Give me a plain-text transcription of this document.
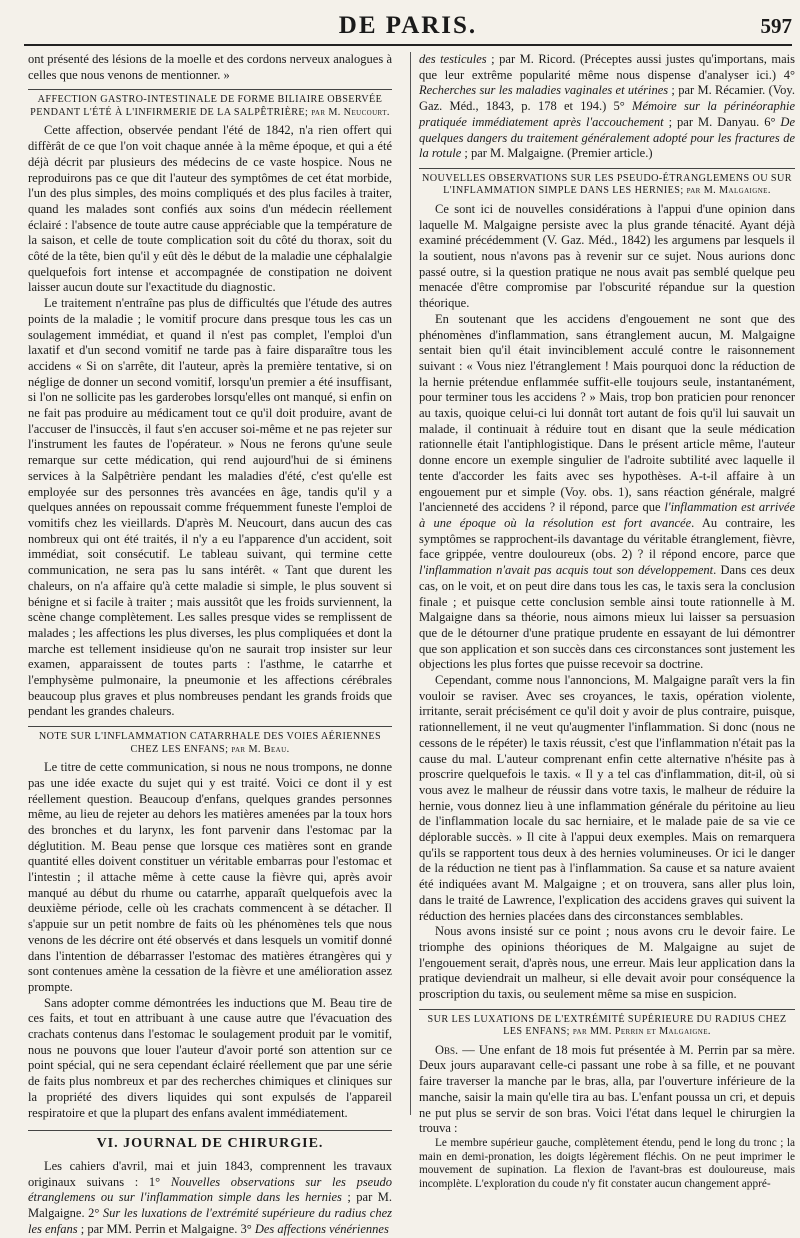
DE PARIS.	597

ont présenté des lésions de la moelle et des cordons nerveux analogues à celles que nous venons de mentionner. »

AFFECTION GASTRO-INTESTINALE DE FORME BILIAIRE OBSERVÉE PENDANT L'ÉTÉ À L'INFIRMERIE DE LA SALPÊTRIÈRE; par M. Neucourt.

Cette affection, observée pendant l'été de 1842, n'a rien offert qui diffèrât de ce que l'on voit chaque année à la même époque, et qui a été déjà décrit par plusieurs des médecins de ce vaste hospice. Nous ne reproduirons pas ce que dit l'auteur des symptômes de cet état morbide, l'un des plus simples, des moins compliqués et des plus faciles à traiter, quand les malades sont confiés aux soins d'un médecin réellement éclairé : l'absence de toute autre cause appréciable que la température de la saison, et celle de toute complication soit du côté du thorax, soit du côté de la tête, bien qu'il y eût dès le début de la maladie une céphalalgie quelquefois fort intense et accompagnée de constipation ne doivent laisser aucun doute sur l'exactitude du diagnostic.

Le traitement n'entraîne pas plus de difficultés que l'étude des autres points de la maladie ; le vomitif procure dans presque tous les cas un soulagement immédiat, et quand il n'est pas complet, l'emploi d'un laxatif et d'un second vomitif ne tarde pas à faire disparaître tous les accidens « Si on s'arrête, dit l'auteur, après la première tentative, si on néglige de donner un second vomitif, lorsqu'un premier a été insuffisant, si l'on ne sollicite pas les garderobes lorsqu'elles ont manqué, si enfin on ne fait pas produire au médicament tout ce qu'il doit produire, avant de l'accuser de l'insuccès, il faut s'en accuser soi-même et ne pas rejeter sur l'instrument les fautes de l'opérateur. » Nous ne ferons qu'une seule remarque sur cette médication, qui rend aujourd'hui de si éminens services à la Salpêtrière pendant les maladies d'été, c'est qu'elle est employée sur des personnes très avancées en âge, tandis qu'il y a quelques années on repoussait comme fréquemment funeste l'emploi de vomitifs chez les vieillards. D'après M. Neucourt, dans aucun des cas nombreux qui ont été traités, il n'y a eu l'apparence d'un accident, soit immédiat, soit consécutif. Le tableau suivant, qui termine cette communication, ne sera pas lu sans intérêt. « Tant que durent les chaleurs, on n'a affaire qu'à cette maladie si simple, le plus souvent si bénigne et si facile à traiter ; mais aussitôt que les froids surviennent, la scène change complètement. Les salles presque vides se remplissent de malades ; les affections les plus diverses, les plus compliquées et dont la marche est tellement insidieuse qu'on ne saurait trop insister sur leur examen, apparaissent de toutes parts : l'asthme, le catarrhe et l'emphysème pulmonaire, la pneumonie et les affections cérébrales beaucoup plus graves et plus nombreuses pendant les grands froids que pendant les grandes chaleurs.

NOTE SUR L'INFLAMMATION CATARRHALE DES VOIES AÉRIENNES CHEZ LES ENFANS; par M. Beau.

Le titre de cette communication, si nous ne nous trompons, ne donne pas une idée exacte du sujet qui y est traité. Voici ce dont il y est réellement question. Beaucoup d'enfans, quelques grandes personnes même, au lieu de rejeter au dehors les matières amenées par la toux hors des bronches et du larynx, les font parvenir dans l'estomac par la déglutition. M. Beau pense que lorsque ces matières sont en grande quantité elles doivent constituer un véritable embarras pour l'estomac et l'intestin ; il attache même à cette cause la fièvre qui, après avoir manqué au début du rhume ou catarrhe, apparaît quelquefois avec la deuxième période, celle où les crachats commencent à se détacher. Il s'appuie sur un petit nombre de faits où les phénomènes tels que nous venons de les décrire ont été observés et dans lesquels un vomitif donné dans l'intention de débarrasser l'estomac des matières étrangères qui y sont contenues amène la cessation de la fièvre et une amélioration assez prompte.

Sans adopter comme démontrées les inductions que M. Beau tire de ces faits, et tout en attribuant à une cause autre que l'évacuation des crachats contenus dans l'estomac le soulagement produit par le vomitif, nous ne pouvons que louer l'auteur d'avoir porté son attention sur ce point spécial, qui ne sera cependant éclairé réellement que par une série de faits plus nombreux et par des recherches chimiques et cliniques sur la propriété des divers liquides qui sont expulsés de l'appareil respiratoire et que la plupart des enfans avalent immédiatement.

VI. JOURNAL DE CHIRURGIE.

Les cahiers d'avril, mai et juin 1843, comprennent les travaux originaux suivans : 1° Nouvelles observations sur les pseudo étranglemens ou sur l'inflammation simple dans les hernies ; par M. Malgaigne. 2° Sur les luxations de l'extrémité supérieure du radius chez les enfans ; par MM. Perrin et Malgaigne. 3° Des affections vénériennes

des testicules ; par M. Ricord. (Préceptes aussi justes qu'importans, mais que leur extrême popularité même nous dispense d'analyser ici.) 4° Recherches sur les maladies vaginales et utérines ; par M. Récamier. (Voy. Gaz. Méd., 1843, p. 178 et 194.) 5° Mémoire sur la périnéoraphie pratiquée immédiatement après l'accouchement ; par M. Danyau. 6° De quelques dangers du traitement généralement adopté pour les fractures de la rotule ; par M. Malgaigne. (Premier article.)

NOUVELLES OBSERVATIONS SUR LES PSEUDO-ÉTRANGLEMENS OU SUR L'INFLAMMATION SIMPLE DANS LES HERNIES; par M. Malgaigne.

Ce sont ici de nouvelles considérations à l'appui d'une opinion dans laquelle M. Malgaigne persiste avec la plus grande ténacité. Ayant déjà examiné précédemment (V. Gaz. Méd., 1842) les argumens par lesquels il la soutient, nous n'avons pas à revenir sur ce sujet. Nous aurions donc passé outre, si la question pratique ne nous avait pas semblé quelque peu menacée d'être compromise par l'obscurité répandue sur la question théorique.

En soutenant que les accidens d'engouement ne sont que des phénomènes d'inflammation, sans étranglement aucun, M. Malgaigne sentait bien qu'il était invinciblement acculé contre le raisonnement suivant : « Vous niez l'étranglement ! Mais pourquoi donc la réduction de la hernie prétendue enflammée suffit-elle toujours seule, instantanément, pour terminer tous les accidens ? » Mais, trop bon praticien pour renoncer au taxis, quoique celui-ci lui donnât tort autant de fois qu'il lui sauvait un malade, il continuait à réduire tout en disant que la seule médication rationnelle était l'antiphlogistique. Dans le présent article même, l'auteur donne encore un exemple singulier de l'adroite subtilité avec laquelle il tente d'accorder les faits avec ses hypothèses. A-t-il affaire à un engouement pur et simple (Voy. obs. 1), sans réaction générale, malgré l'ancienneté des accidens ? il répond, parce que l'inflammation est arrivée à une époque où la résolution est fort avancée. Au contraire, les symptômes se rapprochent-ils davantage du véritable étranglement, fièvre, face grippée, ventre douloureux (obs. 2) ? il répond encore, parce que l'inflammation n'avait pas acquis tout son développement. Dans ces deux cas, on le voit, et on peut dire dans tous les cas, le taxis sera la conclusion finale ; et puisque cette conclusion semble ainsi toute rationnelle à M. Malgaigne dans sa théorie, nous aimons mieux lui laisser sa persuasion que de le détourner d'une pratique prudente en essayant de lui démontrer que son application et son succès dans ces circonstances sont justement les objections les plus fortes que puisse recevoir sa doctrine.

Cependant, comme nous l'annoncions, M. Malgaigne paraît vers la fin vouloir se raviser. Avec ses croyances, le taxis, opération violente, irritante, serait précisément ce qu'il doit y avoir de plus contraire, puisque, rationnellement, il ne veut qu'augmenter l'inflammation. Si donc (nous ne cessons de le répéter) le taxis réussit, c'est que l'inflammation n'était pas la cause du mal. L'auteur comprenant enfin cette alternative n'hésite pas à proscrire quelquefois le taxis. « Il y a tel cas d'inflammation, dit-il, où si vous avez le malheur de réussir dans votre taxis, le malheur de réduire la hernie, vous donnez lieu à une inflammation générale du péritoine au lieu de l'inflammation locale du sac herniaire, et le malade paie de sa vie ce déplorable succès. » Il cite à l'appui deux exemples. Mais on remarquera qu'ils se rapportent tous deux à des hernies volumineuses. Or ici le danger de la réduction ne tient pas à l'inflammation. Sa cause et sa nature avaient été indiquées avant M. Malgaigne ; et on trouvera, sans aller plus loin, dans le traité de Lawrence, l'explication des accidens graves qui suivent la réduction des hernies placées dans des circonstances semblables.

Nous avons insisté sur ce point ; nous avons cru le devoir faire. Le triomphe des opinions théoriques de M. Malgaigne au sujet de l'engouement serait, d'après nous, une erreur. Mais leur application dans la pratique deviendrait un malheur, si elle devait avoir pour conséquence la proscription du taxis, ou seulement même sa mise en suspicion.

SUR LES LUXATIONS DE L'EXTRÉMITÉ SUPÉRIEURE DU RADIUS CHEZ LES ENFANS; par MM. Perrin et Malgaigne.

Obs. — Une enfant de 18 mois fut présentée à M. Perrin par sa mère. Deux jours auparavant celle-ci passant une robe à sa fille, et ne pouvant faire traverser la manche par le bras, alla, par l'ouverture inférieure de la manche, saisir la main qu'elle tira au bas. L'enfant poussa un cri, et depuis ne put plus se servir de son bras. Voici l'état dans lequel le chirurgien la trouva :

Le membre supérieur gauche, complètement étendu, pend le long du tronc ; la main en demi-pronation, les doigts légèrement fléchis. On ne peut imprimer le mouvement de supination. La flexion de l'avant-bras est douloureuse, mais incomplète. L'exploration du coude n'y fit constater aucun changement appré-
